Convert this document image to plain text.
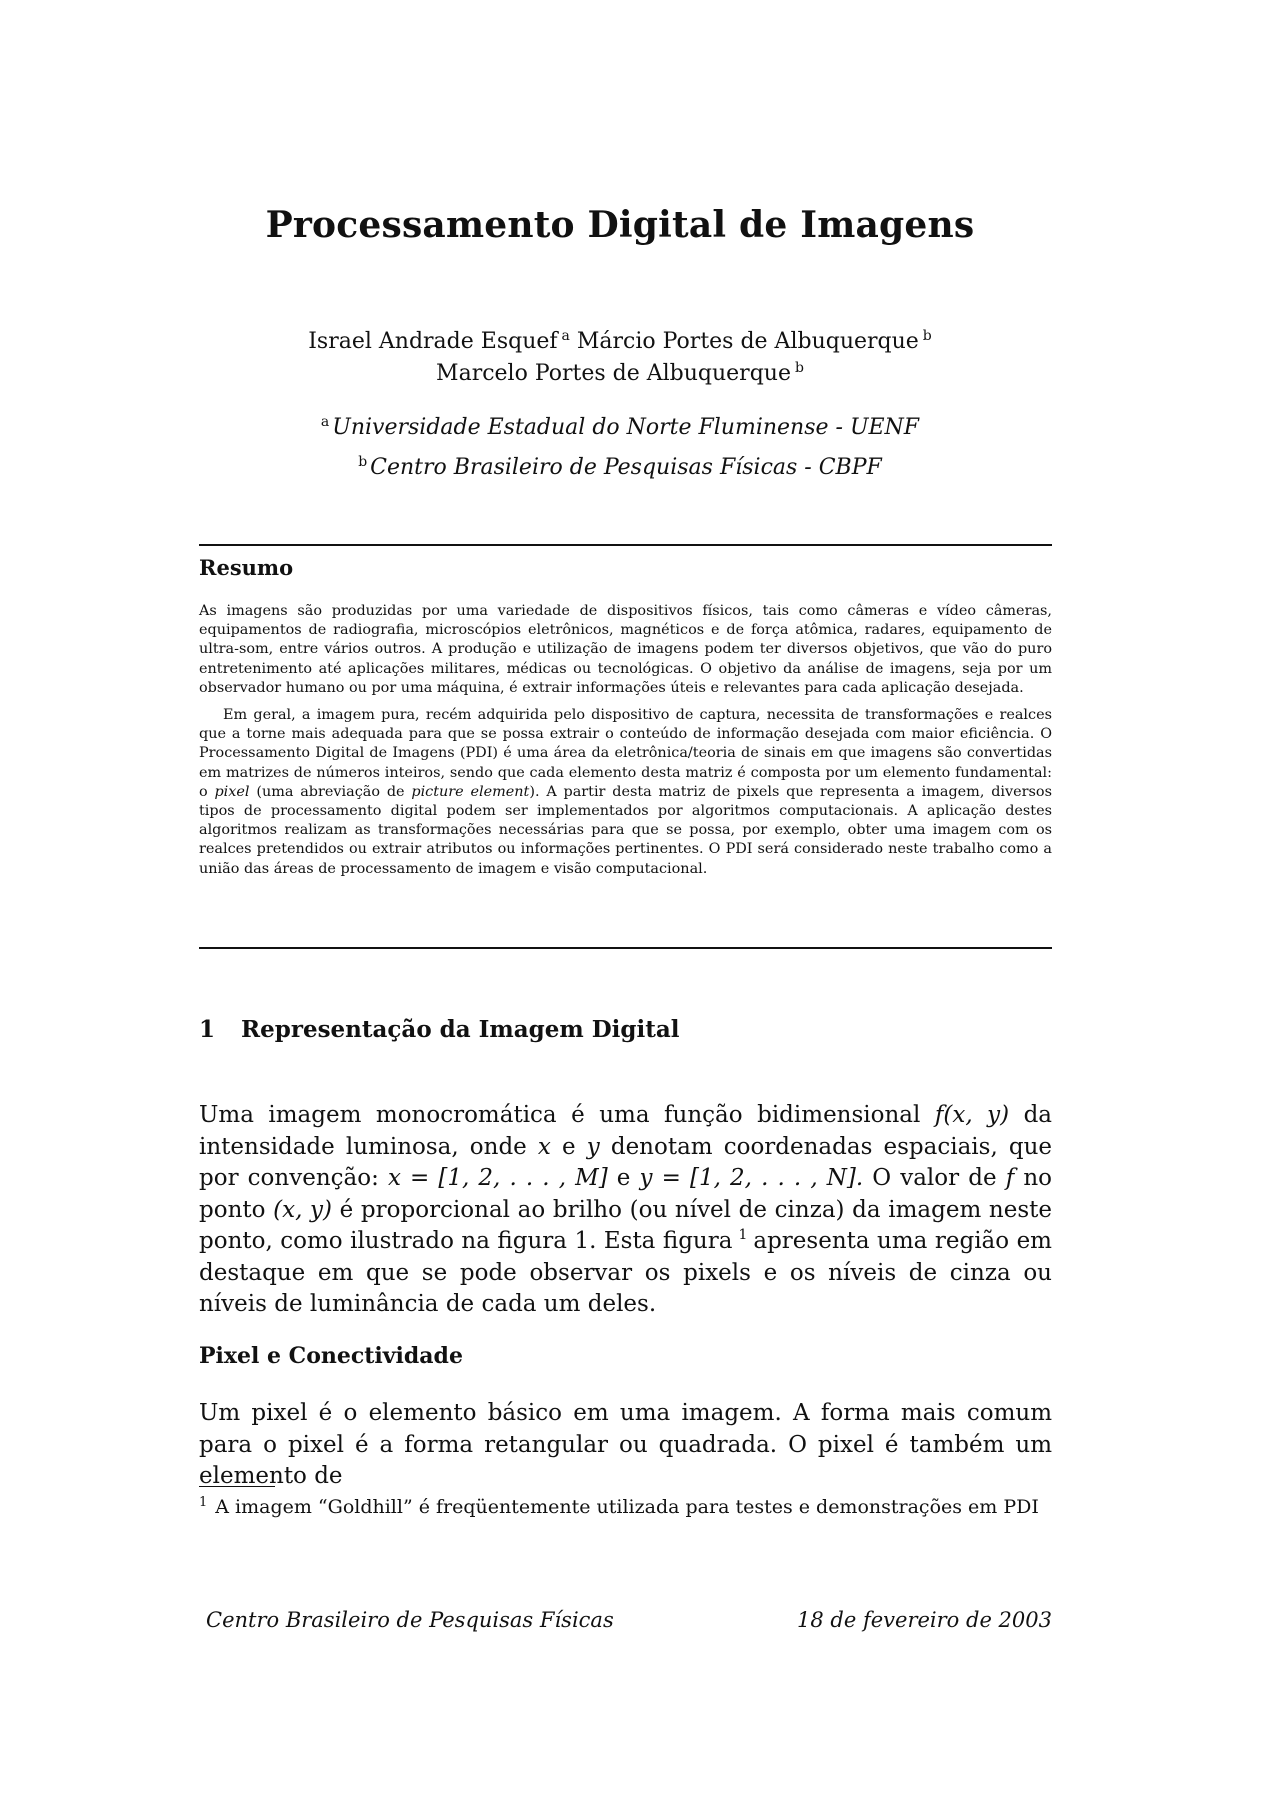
Processamento Digital de Imagens
Israel Andrade Esquef $^a$ Márcio Portes de Albuquerque $^b$
Marcelo Portes de Albuquerque $^b$
$^a$ Universidade Estadual do Norte Fluminense - UENF
$^b$ Centro Brasileiro de Pesquisas Físicas - CBPF
Resumo

As imagens são produzidas por uma variedade de dispositivos físicos, tais como câmeras e vídeo câmeras, equipamentos de radiografia, microscópios eletrônicos, magnéticos e de força atômica, radares, equipamento de ultra-som, entre vários outros. A produção e utilização de imagens podem ter diversos objetivos, que vão do puro entretenimento até aplicações militares, médicas ou tecnológicas. O objetivo da análise de imagens, seja por um observador humano ou por uma máquina, é extrair informações úteis e relevantes para cada aplicação desejada.

Em geral, a imagem pura, recém adquirida pelo dispositivo de captura, necessita de transformações e realces que a torne mais adequada para que se possa extrair o conteúdo de informação desejada com maior eficiência. O Processamento Digital de Imagens (PDI) é uma área da eletrônica/teoria de sinais em que imagens são convertidas em matrizes de números inteiros, sendo que cada elemento desta matriz é composta por um elemento fundamental: o pixel (uma abreviação de picture element). A partir desta matriz de pixels que representa a imagem, diversos tipos de processamento digital podem ser implementados por algoritmos computacionais. A aplicação destes algoritmos realizam as transformações necessárias para que se possa, por exemplo, obter uma imagem com os realces pretendidos ou extrair atributos ou informações pertinentes. O PDI será considerado neste trabalho como a união das áreas de processamento de imagem e visão computacional.

1 Representação da Imagem Digital

Uma imagem monocromática é uma função bidimensional f(x, y) da intensidade luminosa, onde x e y denotam coordenadas espaciais, que por convenção: x = [1, 2, . . . , M] e y = [1, 2, . . . , N]. O valor de f no ponto (x, y) é proporcional ao brilho (ou nível de cinza) da imagem neste ponto, como ilustrado na figura 1. Esta figura $^1$ apresenta uma região em destaque em que se pode observar os pixels e os níveis de cinza ou níveis de luminância de cada um deles.

Pixel e Conectividade

Um pixel é o elemento básico em uma imagem. A forma mais comum para o pixel é a forma retangular ou quadrada. O pixel é também um elemento de

$^1$ A imagem “Goldhill” é freqüentemente utilizada para testes e demonstrações em PDI
Centro Brasileiro de Pesquisas Físicas	18 de fevereiro de 2003
